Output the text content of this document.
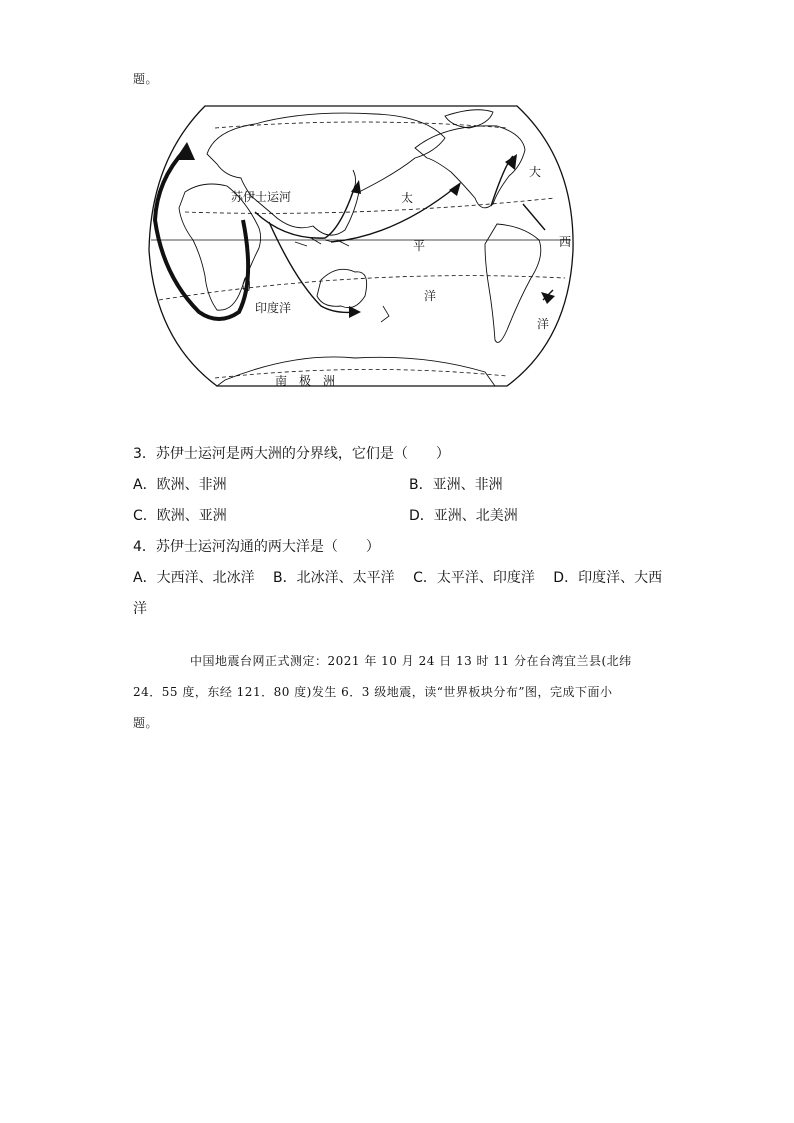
题。
苏伊士运河
印度洋
太
平
洋
大
西
洋
南　极　洲
3．苏伊士运河是两大洲的分界线，它们是（　　）
A．欧洲、非洲	B．亚洲、非洲
C．欧洲、亚洲	D．亚洲、北美洲
4．苏伊士运河沟通的两大洋是（　　）
A．大西洋、北冰洋　 B．北冰洋、太平洋　 C．太平洋、印度洋　 D．印度洋、大西
洋
中国地震台网正式测定：2021 年 10 月 24 日 13 时 11 分在台湾宜兰县(北纬
24．55 度，东经 121．80 度)发生 6．3 级地震，读“世界板块分布”图，完成下面小
题。
